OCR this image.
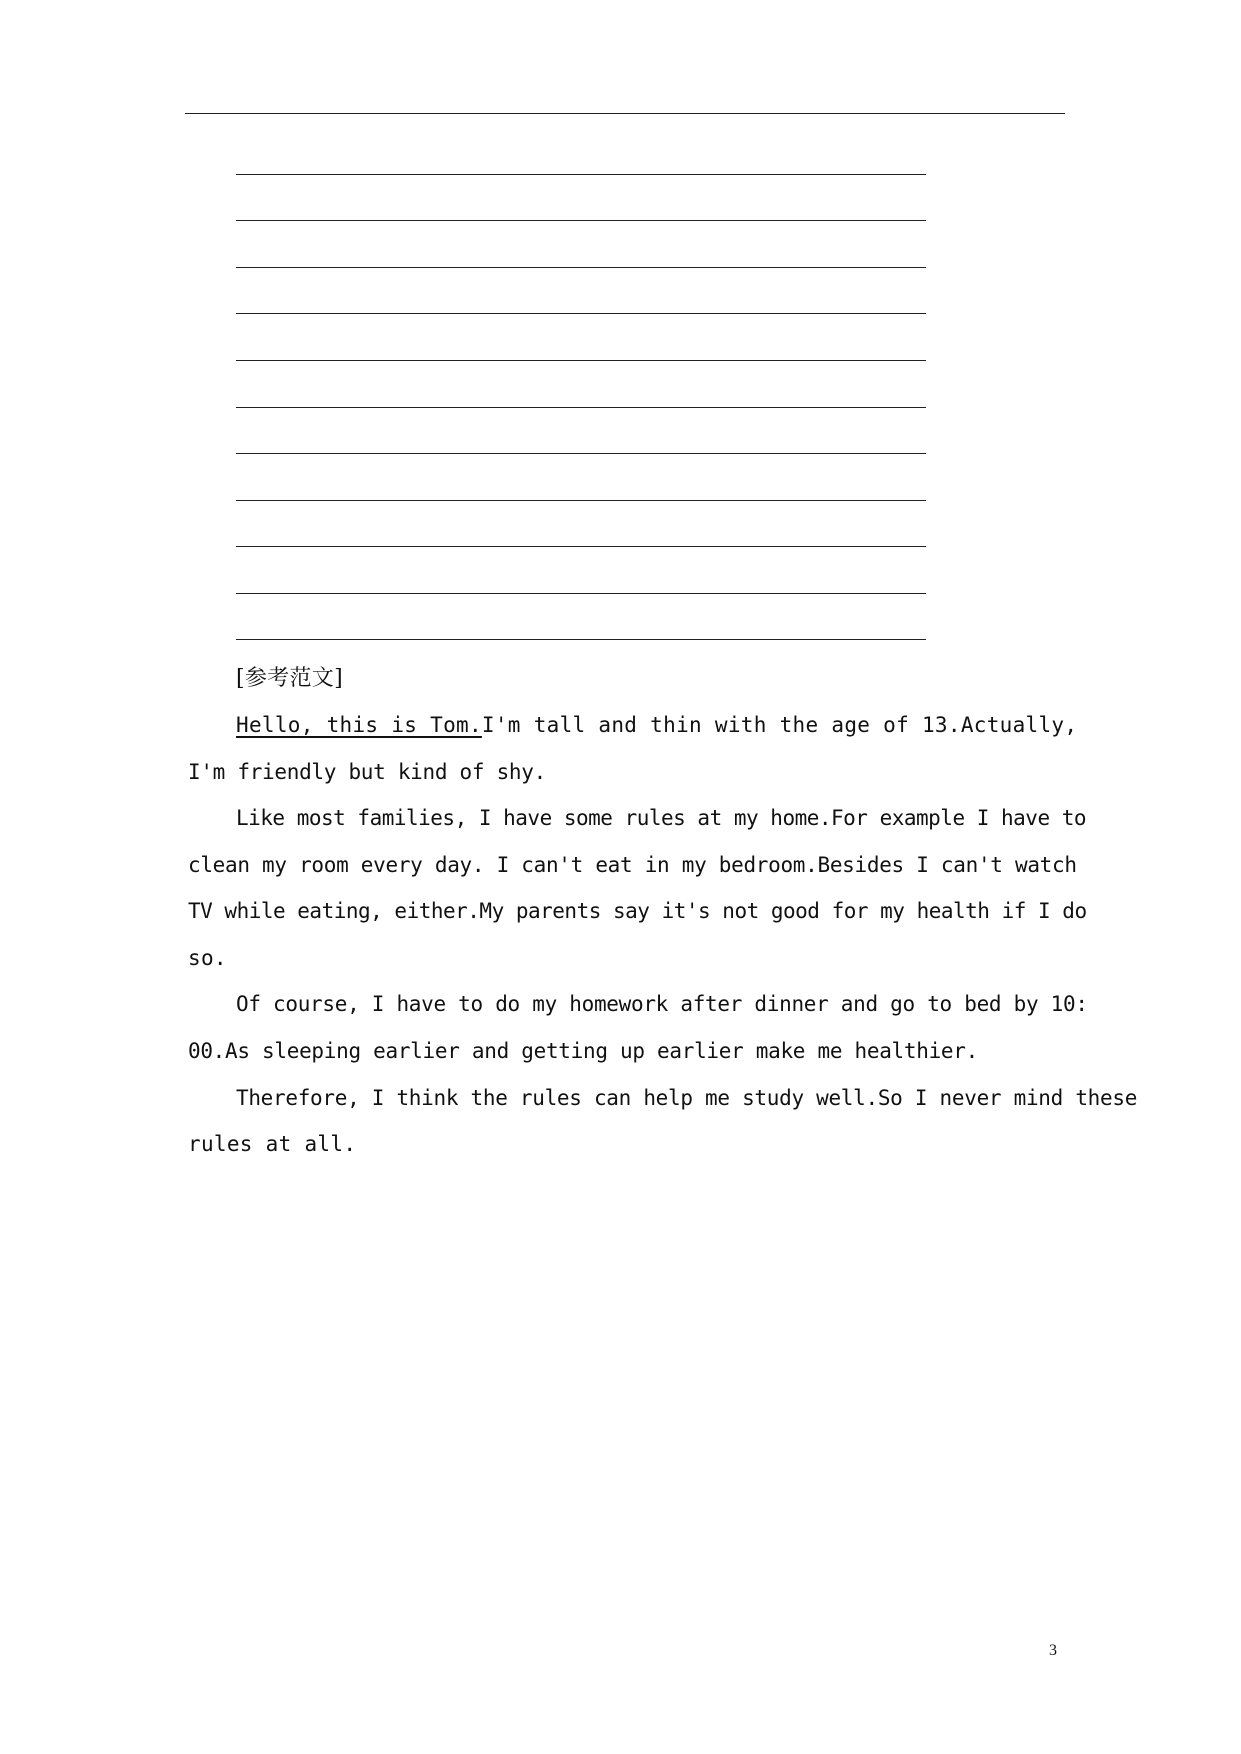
[参考范文]
Hello, this is Tom.I'm tall and thin with the age of 13.Actually,
I'm friendly but kind of shy.
Like most families, I have some rules at my home.For example I have to
clean my room every day. I can't eat in my bedroom.Besides I can't watch
TV while eating, either.My parents say it's not good for my health if I do
so.
Of course, I have to do my homework after dinner and go to bed by 10:
00.As sleeping earlier and getting up earlier make me healthier.
Therefore, I think the rules can help me study well.So I never mind these
rules at all.
3
